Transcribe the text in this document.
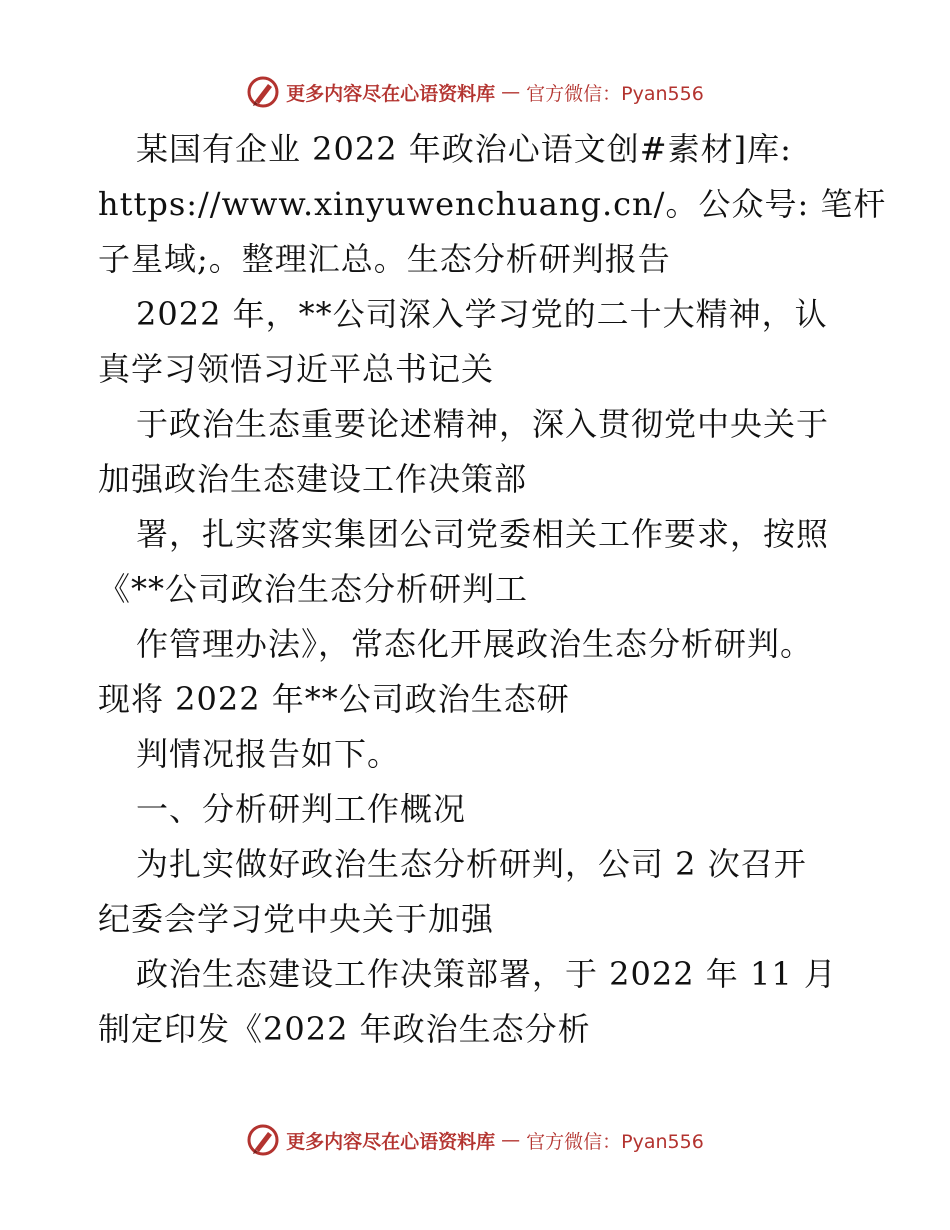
更多内容尽在心语资料库 — 官方微信：Pyan556
某国有企业 2022 年政治心语文创#素材]库:
https://www.xinyuwenchuang.cn/。公众号: 笔杆
子星域;。整理汇总。生态分析研判报告
2022 年，**公司深入学习党的二十大精神，认
真学习领悟习近平总书记关
于政治生态重要论述精神，深入贯彻党中央关于
加强政治生态建设工作决策部
署，扎实落实集团公司党委相关工作要求，按照
《**公司政治生态分析研判工
作管理办法》，常态化开展政治生态分析研判。
现将 2022 年**公司政治生态研
判情况报告如下。
一、分析研判工作概况
为扎实做好政治生态分析研判，公司 2 次召开
纪委会学习党中央关于加强
政治生态建设工作决策部署，于 2022 年 11 月
制定印发《2022 年政治生态分析
更多内容尽在心语资料库 — 官方微信：Pyan556
